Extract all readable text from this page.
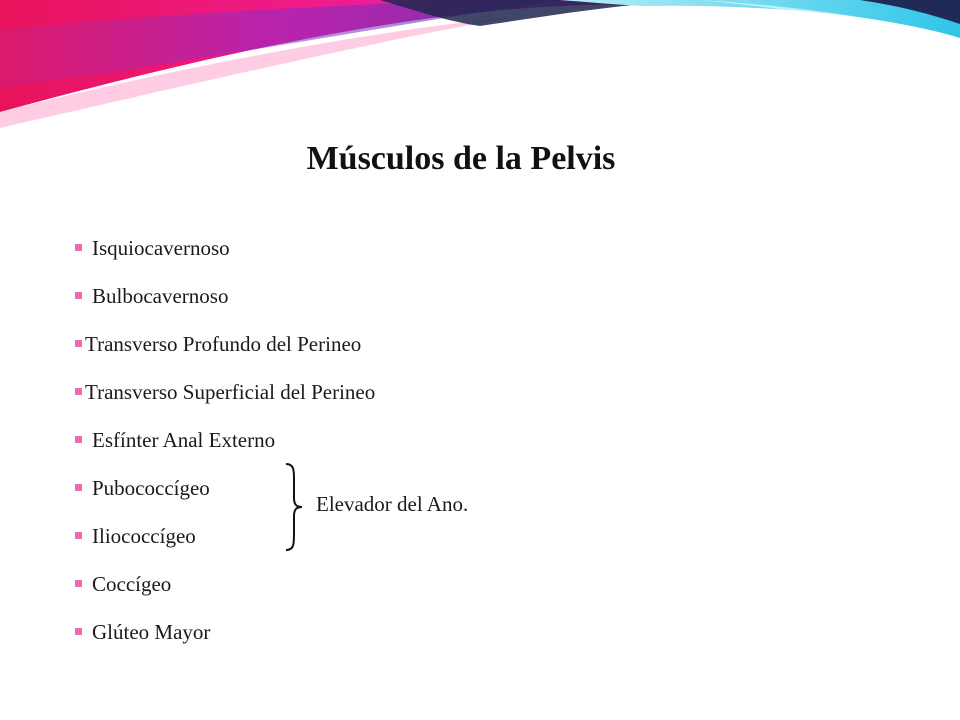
Músculos de la Pelvis
Isquiocavernoso
Bulbocavernoso
Transverso Profundo del Perineo
Transverso Superficial del Perineo
Esfínter Anal Externo
Pubococcígeo
Iliococcígeo
Coccígeo
Glúteo Mayor
Elevador del Ano.
